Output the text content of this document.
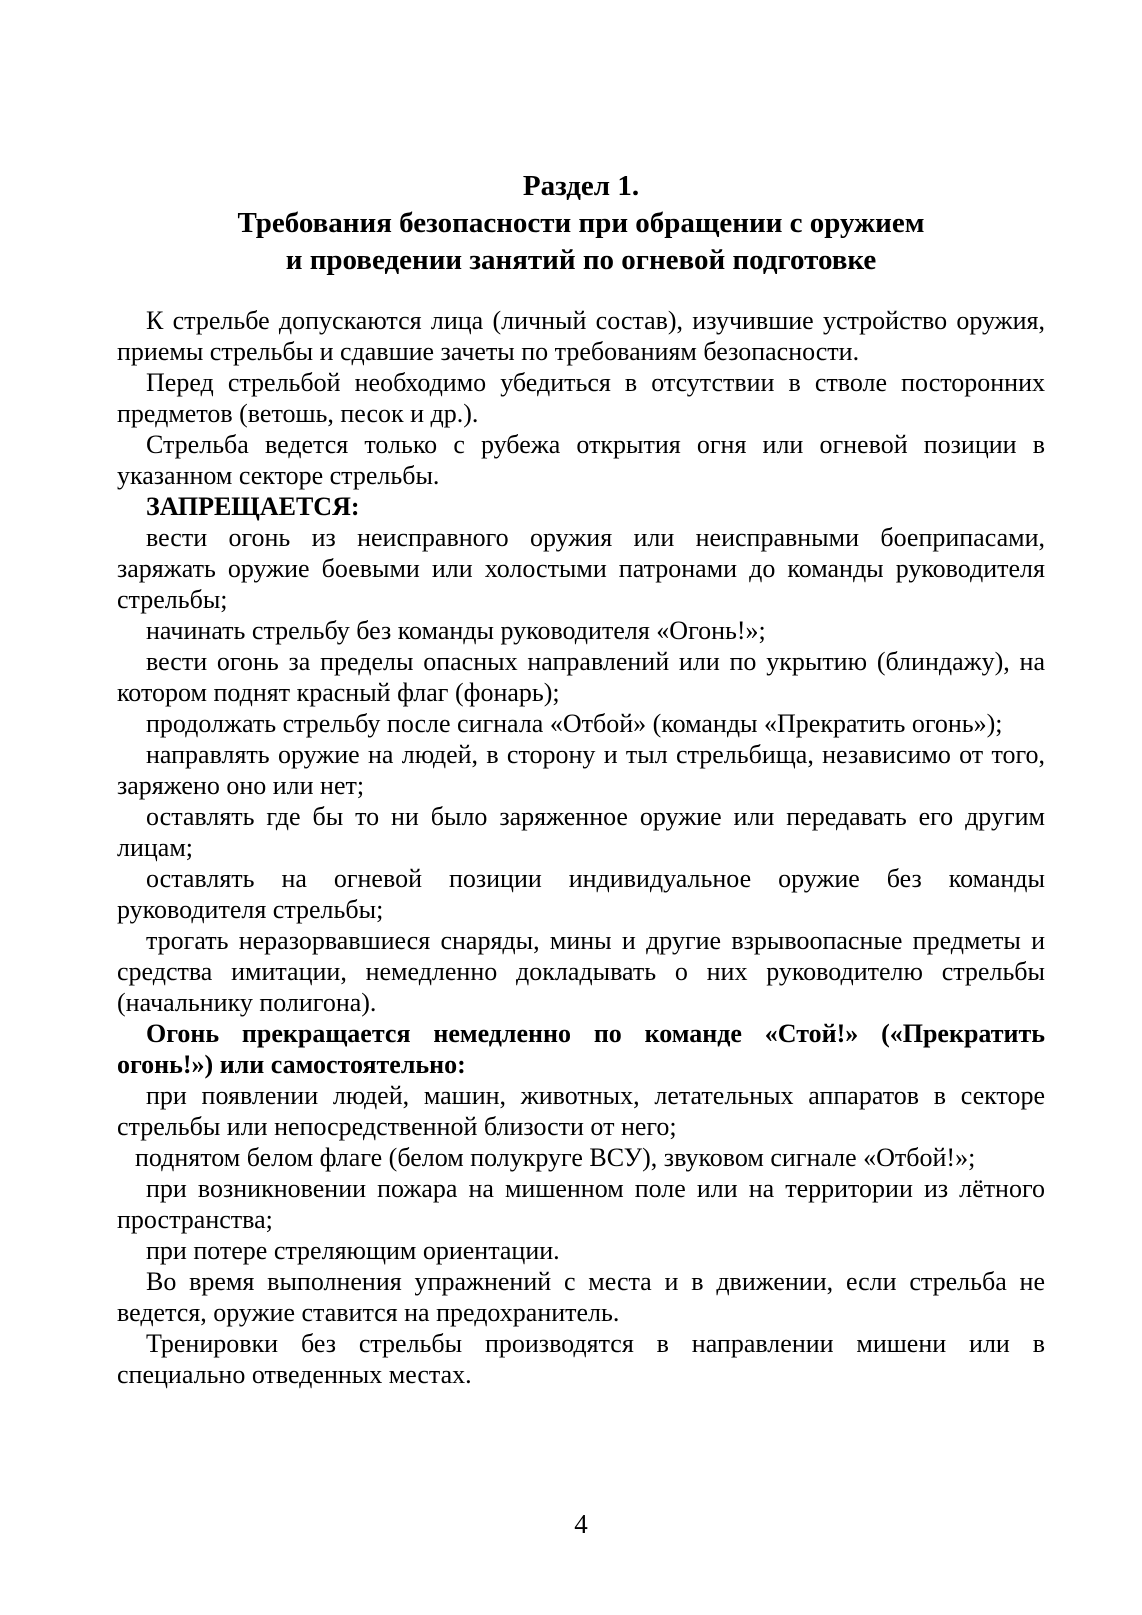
Раздел 1.
Требования безопасности при обращении с оружием
и проведении занятий по огневой подготовке

К стрельбе допускаются лица (личный состав), изучившие устройство оружия, приемы стрельбы и сдавшие зачеты по требованиям безопасности.

Перед стрельбой необходимо убедиться в отсутствии в стволе посторонних предметов (ветошь, песок и др.).

Стрельба ведется только с рубежа открытия огня или огневой позиции в указанном секторе стрельбы.

ЗАПРЕЩАЕТСЯ:

вести огонь из неисправного оружия или неисправными боеприпасами, заряжать оружие боевыми или холостыми патронами до команды руководителя стрельбы;

начинать стрельбу без команды руководителя «Огонь!»;

вести огонь за пределы опасных направлений или по укрытию (блиндажу), на котором поднят красный флаг (фонарь);

продолжать стрельбу после сигнала «Отбой» (команды «Прекратить огонь»);

направлять оружие на людей, в сторону и тыл стрельбища, независимо от того, заряжено оно или нет;

оставлять где бы то ни было заряженное оружие или передавать его другим лицам;

оставлять на огневой позиции индивидуальное оружие без команды руководителя стрельбы;

трогать неразорвавшиеся снаряды, мины и другие взрывоопасные предметы и средства имитации, немедленно докладывать о них руководителю стрельбы (начальнику полигона).

Огонь прекращается немедленно по команде «Стой!» («Прекратить огонь!») или самостоятельно:

при появлении людей, машин, животных, летательных аппаратов в секторе стрельбы или непосредственной близости от него;

поднятом белом флаге (белом полукруге ВСУ), звуковом сигнале «Отбой!»;

при возникновении пожара на мишенном поле или на территории из лётного пространства;

при потере стреляющим ориентации.

Во время выполнения упражнений с места и в движении, если стрельба не ведется, оружие ставится на предохранитель.

Тренировки без стрельбы производятся в направлении мишени или в специально отведенных местах.

4
